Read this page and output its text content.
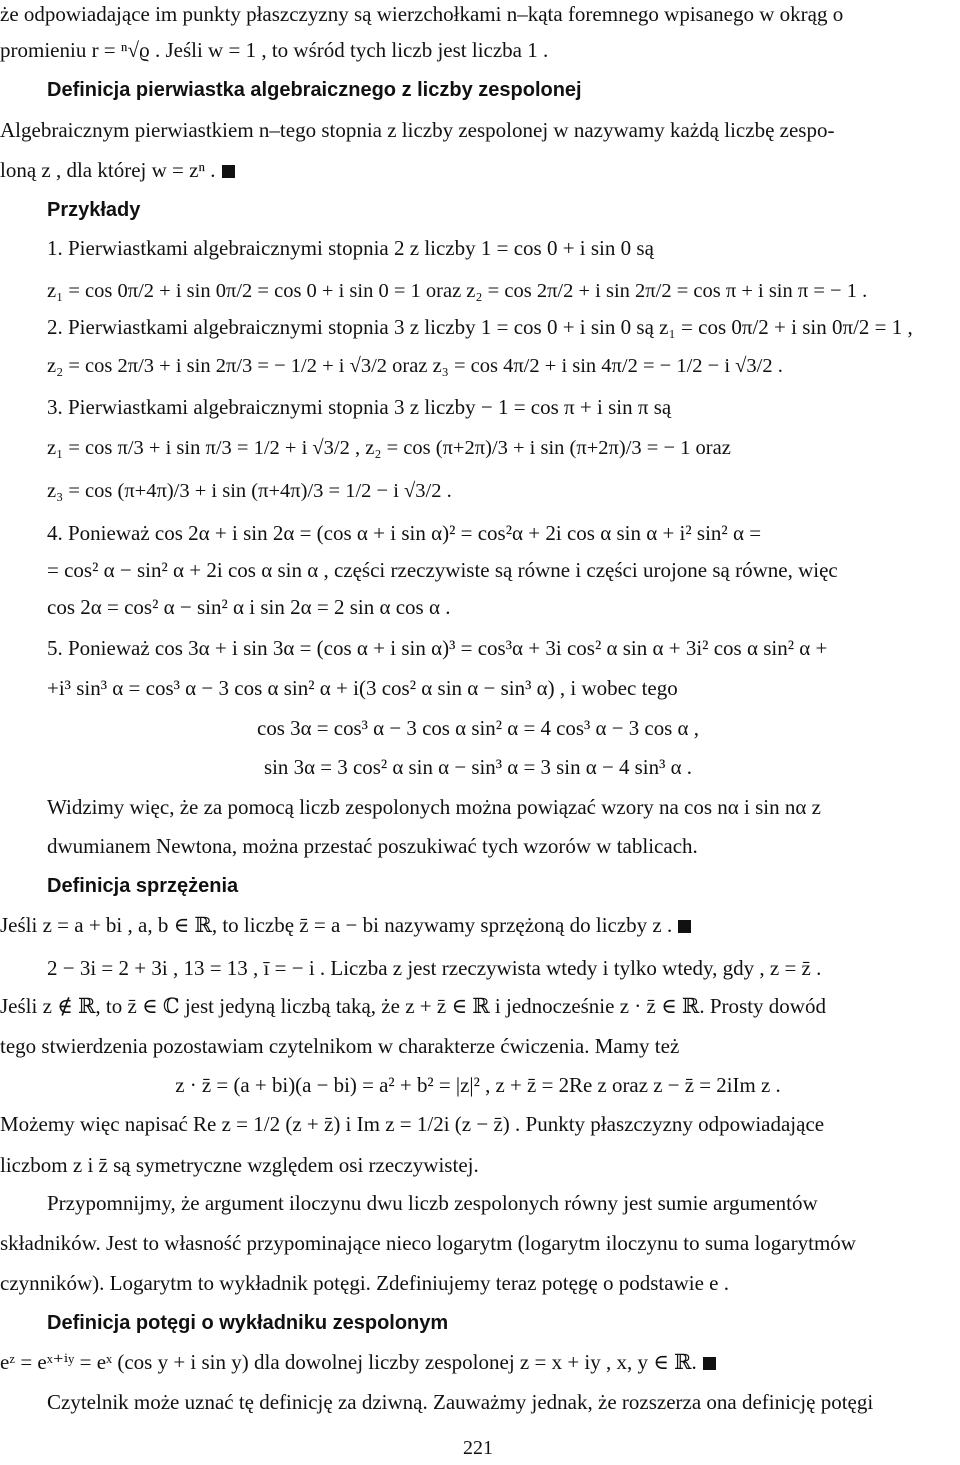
że odpowiadające im punkty płaszczyzny są wierzchołkami n–kąta foremnego wpisanego w okrąg o
promieniu r = ⁿ√ϱ . Jeśli w = 1 , to wśród tych liczb jest liczba 1 .
Definicja pierwiastka algebraicznego z liczby zespolonej
Algebraicznym pierwiastkiem n–tego stopnia z liczby zespolonej w nazywamy każdą liczbę zespo-
loną z , dla której w = zⁿ .
Przykłady
1. Pierwiastkami algebraicznymi stopnia 2 z liczby 1 = cos 0 + i sin 0 są
z₁ = cos 0π/2 + i sin 0π/2 = cos 0 + i sin 0 = 1 oraz z₂ = cos 2π/2 + i sin 2π/2 = cos π + i sin π = − 1 .
2. Pierwiastkami algebraicznymi stopnia 3 z liczby 1 = cos 0 + i sin 0 są z₁ = cos 0π/2 + i sin 0π/2 = 1 ,
z₂ = cos 2π/3 + i sin 2π/3 = − 1/2 + i √3/2 oraz z₃ = cos 4π/2 + i sin 4π/2 = − 1/2 − i √3/2 .
3. Pierwiastkami algebraicznymi stopnia 3 z liczby − 1 = cos π + i sin π są
z₁ = cos π/3 + i sin π/3 = 1/2 + i √3/2 , z₂ = cos (π+2π)/3 + i sin (π+2π)/3 = − 1 oraz
z₃ = cos (π+4π)/3 + i sin (π+4π)/3 = 1/2 − i √3/2 .
4. Ponieważ cos 2α + i sin 2α = (cos α + i sin α)² = cos²α + 2i cos α sin α + i² sin² α =
= cos² α − sin² α + 2i cos α sin α , części rzeczywiste są równe i części urojone są równe, więc
cos 2α = cos² α − sin² α i sin 2α = 2 sin α cos α .
5. Ponieważ cos 3α + i sin 3α = (cos α + i sin α)³ = cos³α + 3i cos² α sin α + 3i² cos α sin² α +
+i³ sin³ α = cos³ α − 3 cos α sin² α + i(3 cos² α sin α − sin³ α) , i wobec tego
cos 3α = cos³ α − 3 cos α sin² α = 4 cos³ α − 3 cos α ,
sin 3α = 3 cos² α sin α − sin³ α = 3 sin α − 4 sin³ α .
Widzimy więc, że za pomocą liczb zespolonych można powiązać wzory na cos nα i sin nα z
dwumianem Newtona, można przestać poszukiwać tych wzorów w tablicach.
Definicja sprzężenia
Jeśli z = a + bi , a, b ∈ ℝ, to liczbę z̄ = a − bi nazywamy sprzężoną do liczby z .
2 − 3i = 2 + 3i , 13 = 13 , ī = − i . Liczba z jest rzeczywista wtedy i tylko wtedy, gdy , z = z̄ .
Jeśli z ∉ ℝ, to z̄ ∈ ℂ jest jedyną liczbą taką, że z + z̄ ∈ ℝ i jednocześnie z · z̄ ∈ ℝ. Prosty dowód
tego stwierdzenia pozostawiam czytelnikom w charakterze ćwiczenia. Mamy też
z · z̄ = (a + bi)(a − bi) = a² + b² = |z|² , z + z̄ = 2Re z oraz z − z̄ = 2iIm z .
Możemy więc napisać Re z = 1/2 (z + z̄) i Im z = 1/2i (z − z̄) . Punkty płaszczyzny odpowiadające
liczbom z i z̄ są symetryczne względem osi rzeczywistej.
Przypomnijmy, że argument iloczynu dwu liczb zespolonych równy jest sumie argumentów
składników. Jest to własność przypominające nieco logarytm (logarytm iloczynu to suma logarytmów
czynników). Logarytm to wykładnik potęgi. Zdefiniujemy teraz potęgę o podstawie e .
Definicja potęgi o wykładniku zespolonym
eᶻ = eˣ⁺ⁱʸ = eˣ (cos y + i sin y) dla dowolnej liczby zespolonej z = x + iy , x, y ∈ ℝ.
Czytelnik może uznać tę definicję za dziwną. Zauważmy jednak, że rozszerza ona definicję potęgi
221
